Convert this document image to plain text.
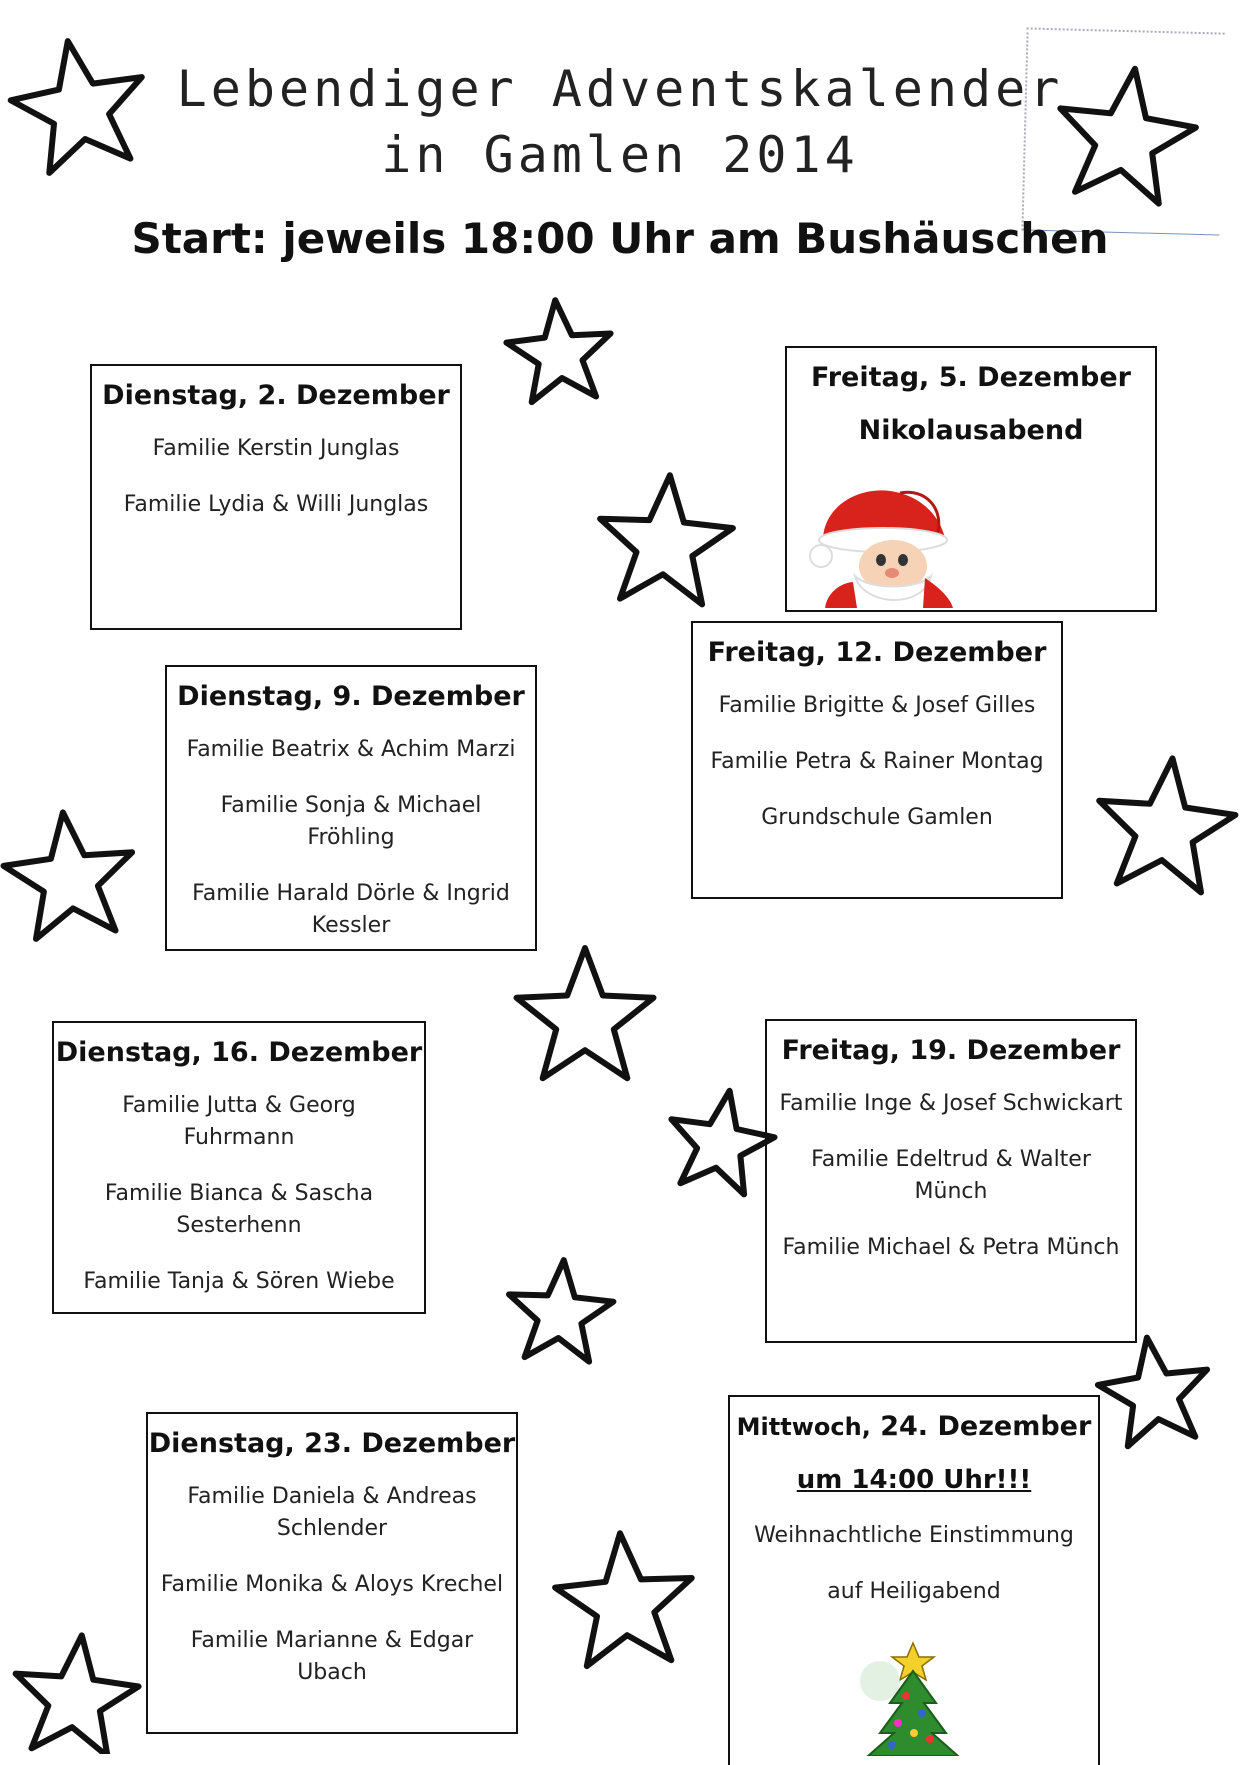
Lebendiger Adventskalender
in Gamlen 2014
Start: jeweils 18:00 Uhr am Bushäuschen
Dienstag, 2. Dezember

Familie Kerstin Junglas

Familie Lydia & Willi Junglas

Freitag, 5. Dezember

Nikolausabend

Dienstag, 9. Dezember

Familie Beatrix & Achim Marzi

Familie Sonja & Michael Fröhling

Familie Harald Dörle & Ingrid Kessler

Freitag, 12. Dezember

Familie Brigitte & Josef Gilles

Familie Petra & Rainer Montag

Grundschule Gamlen

Dienstag, 16. Dezember

Familie Jutta & Georg Fuhrmann

Familie Bianca & Sascha Sesterhenn

Familie Tanja & Sören Wiebe

Freitag, 19. Dezember

Familie Inge & Josef Schwickart

Familie Edeltrud & Walter Münch

Familie Michael & Petra Münch

Dienstag, 23. Dezember

Familie Daniela & Andreas Schlender

Familie Monika & Aloys Krechel

Familie Marianne & Edgar Ubach

Mittwoch, 24. Dezember

um 14:00 Uhr!!!

Weihnachtliche Einstimmung

auf Heiligabend
